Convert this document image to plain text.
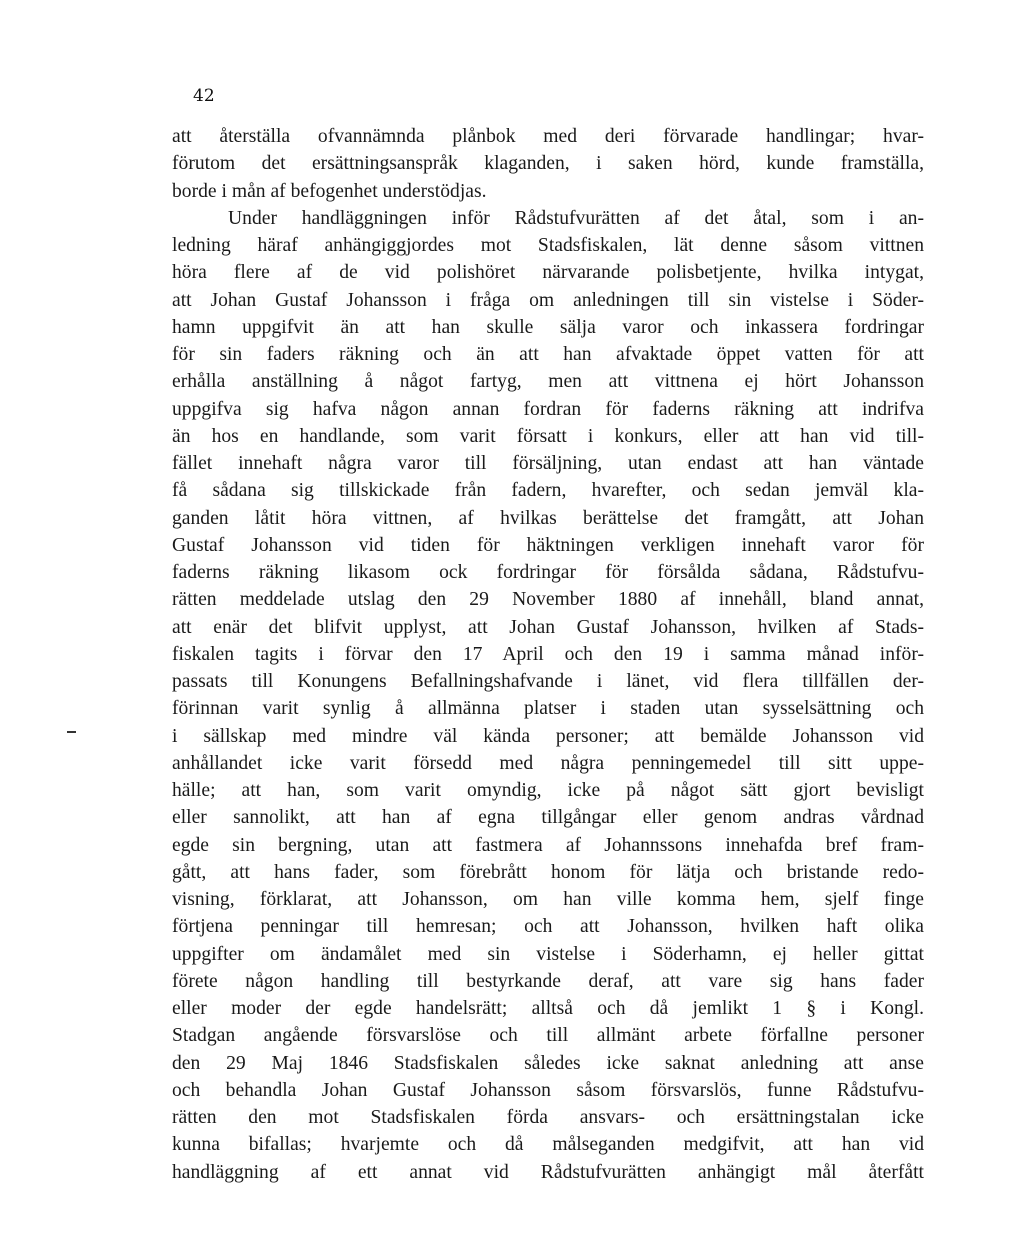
42
att återställa ofvannämnda plånbok med deri förvarade handlingar; hvar-
förutom det ersättningsanspråk klaganden, i saken hörd, kunde framställa,
borde i mån af befogenhet understödjas.
Under handläggningen inför Rådstufvurätten af det åtal, som i an-
ledning häraf anhängiggjordes mot Stadsfiskalen, lät denne såsom vittnen
höra flere af de vid polishöret närvarande polisbetjente, hvilka intygat,
att Johan Gustaf Johansson i fråga om anledningen till sin vistelse i Söder-
hamn uppgifvit än att han skulle sälja varor och inkassera fordringar
för sin faders räkning och än att han afvaktade öppet vatten för att
erhålla anställning å något fartyg, men att vittnena ej hört Johansson
uppgifva sig hafva någon annan fordran för faderns räkning att indrifva
än hos en handlande, som varit försatt i konkurs, eller att han vid till-
fället innehaft några varor till försäljning, utan endast att han väntade
få sådana sig tillskickade från fadern, hvarefter, och sedan jemväl kla-
ganden låtit höra vittnen, af hvilkas berättelse det framgått, att Johan
Gustaf Johansson vid tiden för häktningen verkligen innehaft varor för
faderns räkning likasom ock fordringar för försålda sådana, Rådstufvu-
rätten meddelade utslag den 29 November 1880 af innehåll, bland annat,
att enär det blifvit upplyst, att Johan Gustaf Johansson, hvilken af Stads-
fiskalen tagits i förvar den 17 April och den 19 i samma månad inför-
passats till Konungens Befallningshafvande i länet, vid flera tillfällen der-
förinnan varit synlig å allmänna platser i staden utan sysselsättning och
i sällskap med mindre väl kända personer; att bemälde Johansson vid
anhållandet icke varit försedd med några penningemedel till sitt uppe-
hälle; att han, som varit omyndig, icke på något sätt gjort bevisligt
eller sannolikt, att han af egna tillgångar eller genom andras vårdnad
egde sin bergning, utan att fastmera af Johannssons innehafda bref fram-
gått, att hans fader, som förebrått honom för lätja och bristande redo-
visning, förklarat, att Johansson, om han ville komma hem, sjelf finge
förtjena penningar till hemresan; och att Johansson, hvilken haft olika
uppgifter om ändamålet med sin vistelse i Söderhamn, ej heller gittat
förete någon handling till bestyrkande deraf, att vare sig hans fader
eller moder der egde handelsrätt; alltså och då jemlikt 1 § i Kongl.
Stadgan angående försvarslöse och till allmänt arbete förfallne personer
den 29 Maj 1846 Stadsfiskalen således icke saknat anledning att anse
och behandla Johan Gustaf Johansson såsom försvarslös, funne Rådstufvu-
rätten den mot Stadsfiskalen förda ansvars- och ersättningstalan icke
kunna bifallas; hvarjemte och då målseganden medgifvit, att han vid
handläggning af ett annat vid Rådstufvurätten anhängigt mål återfått
